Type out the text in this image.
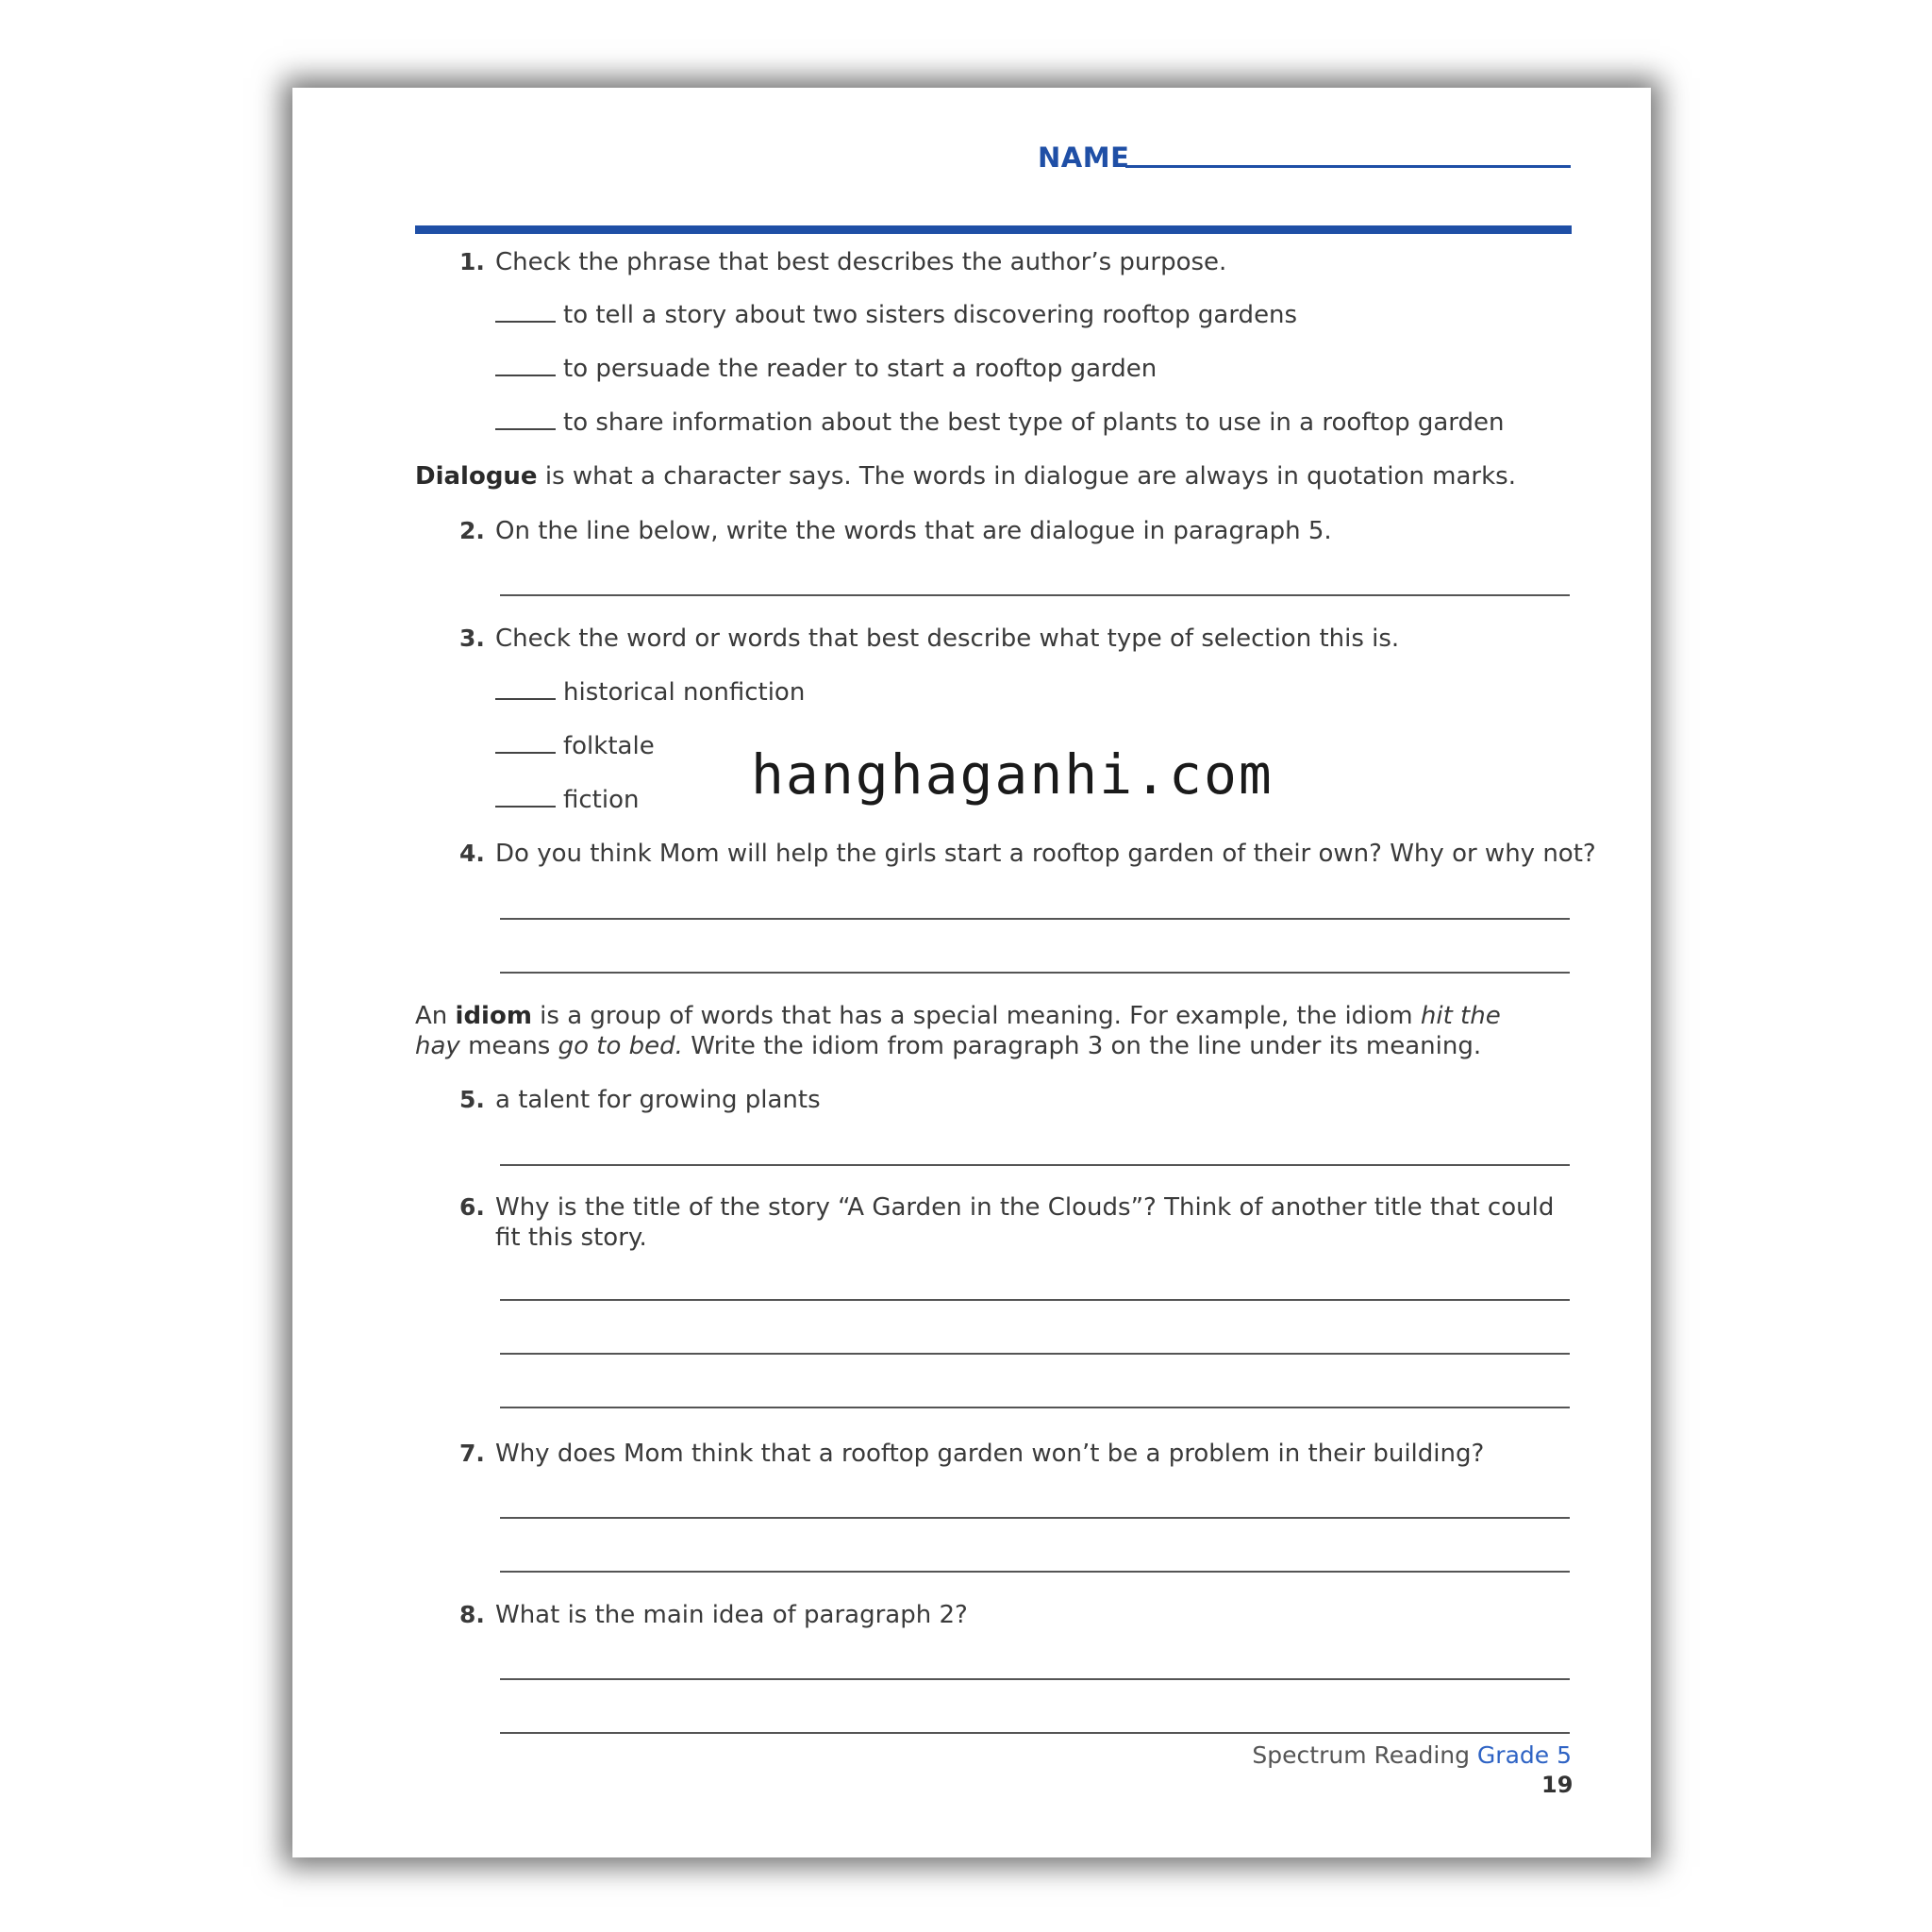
NAME
1. Check the phrase that best describes the author’s purpose.
to tell a story about two sisters discovering rooftop gardens
to persuade the reader to start a rooftop garden
to share information about the best type of plants to use in a rooftop garden
Dialogue is what a character says. The words in dialogue are always in quotation marks.
2. On the line below, write the words that are dialogue in paragraph 5.
3. Check the word or words that best describe what type of selection this is.
historical nonfiction
folktale
fiction
4. Do you think Mom will help the girls start a rooftop garden of their own? Why or why not?
An idiom is a group of words that has a special meaning. For example, the idiom hit the hay means go to bed. Write the idiom from paragraph 3 on the line under its meaning.
5. a talent for growing plants
6. Why is the title of the story “A Garden in the Clouds”? Think of another title that could fit this story.
7. Why does Mom think that a rooftop garden won’t be a problem in their building?
8. What is the main idea of paragraph 2?
Spectrum Reading Grade 5
19
hanghaganhi.com
